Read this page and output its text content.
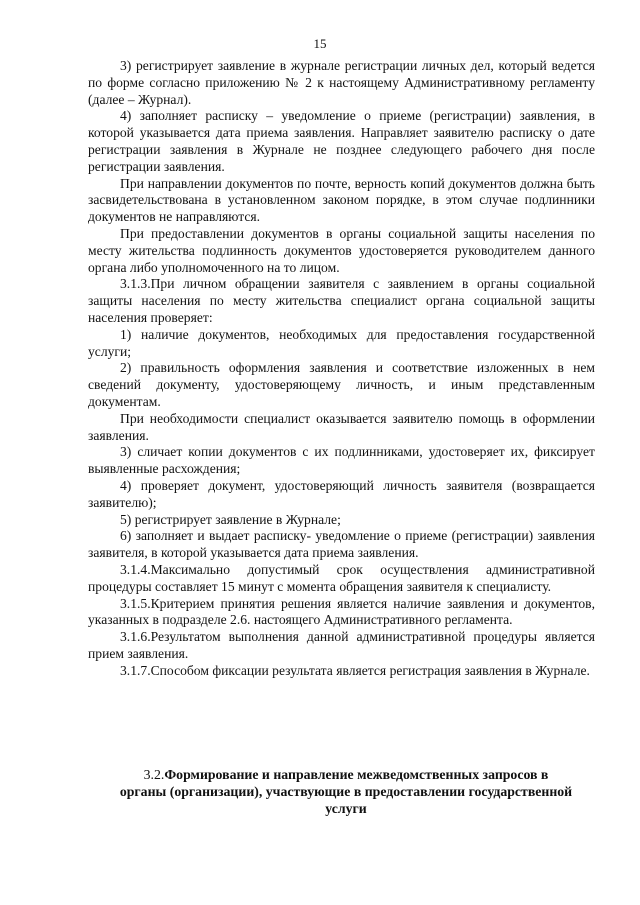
15

3) регистрирует заявление в журнале регистрации личных дел, который ведется по форме согласно приложению № 2 к настоящему Административному регламенту (далее – Журнал).

4) заполняет расписку – уведомление о приеме (регистрации) заявления, в которой указывается дата приема заявления. Направляет заявителю расписку о дате регистрации заявления в Журнале не позднее следующего рабочего дня после регистрации заявления.

При направлении документов по почте, верность копий документов должна быть засвидетельствована в установленном законом порядке, в этом случае подлинники документов не направляются.

При предоставлении документов в органы социальной защиты населения по месту жительства подлинность документов удостоверяется руководителем данного органа либо уполномоченного на то лицом.

3.1.3.При личном обращении заявителя с заявлением в органы социальной защиты населения по месту жительства специалист органа социальной защиты населения проверяет:

1) наличие документов, необходимых для предоставления государственной услуги;

2) правильность оформления заявления и соответствие изложенных в нем сведений документу, удостоверяющему личность, и иным представленным документам.

При необходимости специалист оказывается заявителю помощь в оформлении заявления.

3) сличает копии документов с их подлинниками, удостоверяет их, фиксирует выявленные расхождения;

4) проверяет документ, удостоверяющий личность заявителя (возвращается заявителю);

5) регистрирует заявление в Журнале;

6) заполняет и выдает расписку- уведомление о приеме (регистрации) заявления заявителя, в которой указывается дата приема заявления.

3.1.4.Максимально допустимый срок осуществления административной процедуры составляет 15 минут с момента обращения заявителя к специалисту.

3.1.5.Критерием принятия решения является наличие заявления и документов, указанных в подразделе 2.6. настоящего Административного регламента.

3.1.6.Результатом выполнения данной административной процедуры является прием заявления.

3.1.7.Способом фиксации результата является регистрация заявления в Журнале.

3.2.Формирование и направление межведомственных запросов в

органы (организации), участвующие в предоставлении государственной

услуги
